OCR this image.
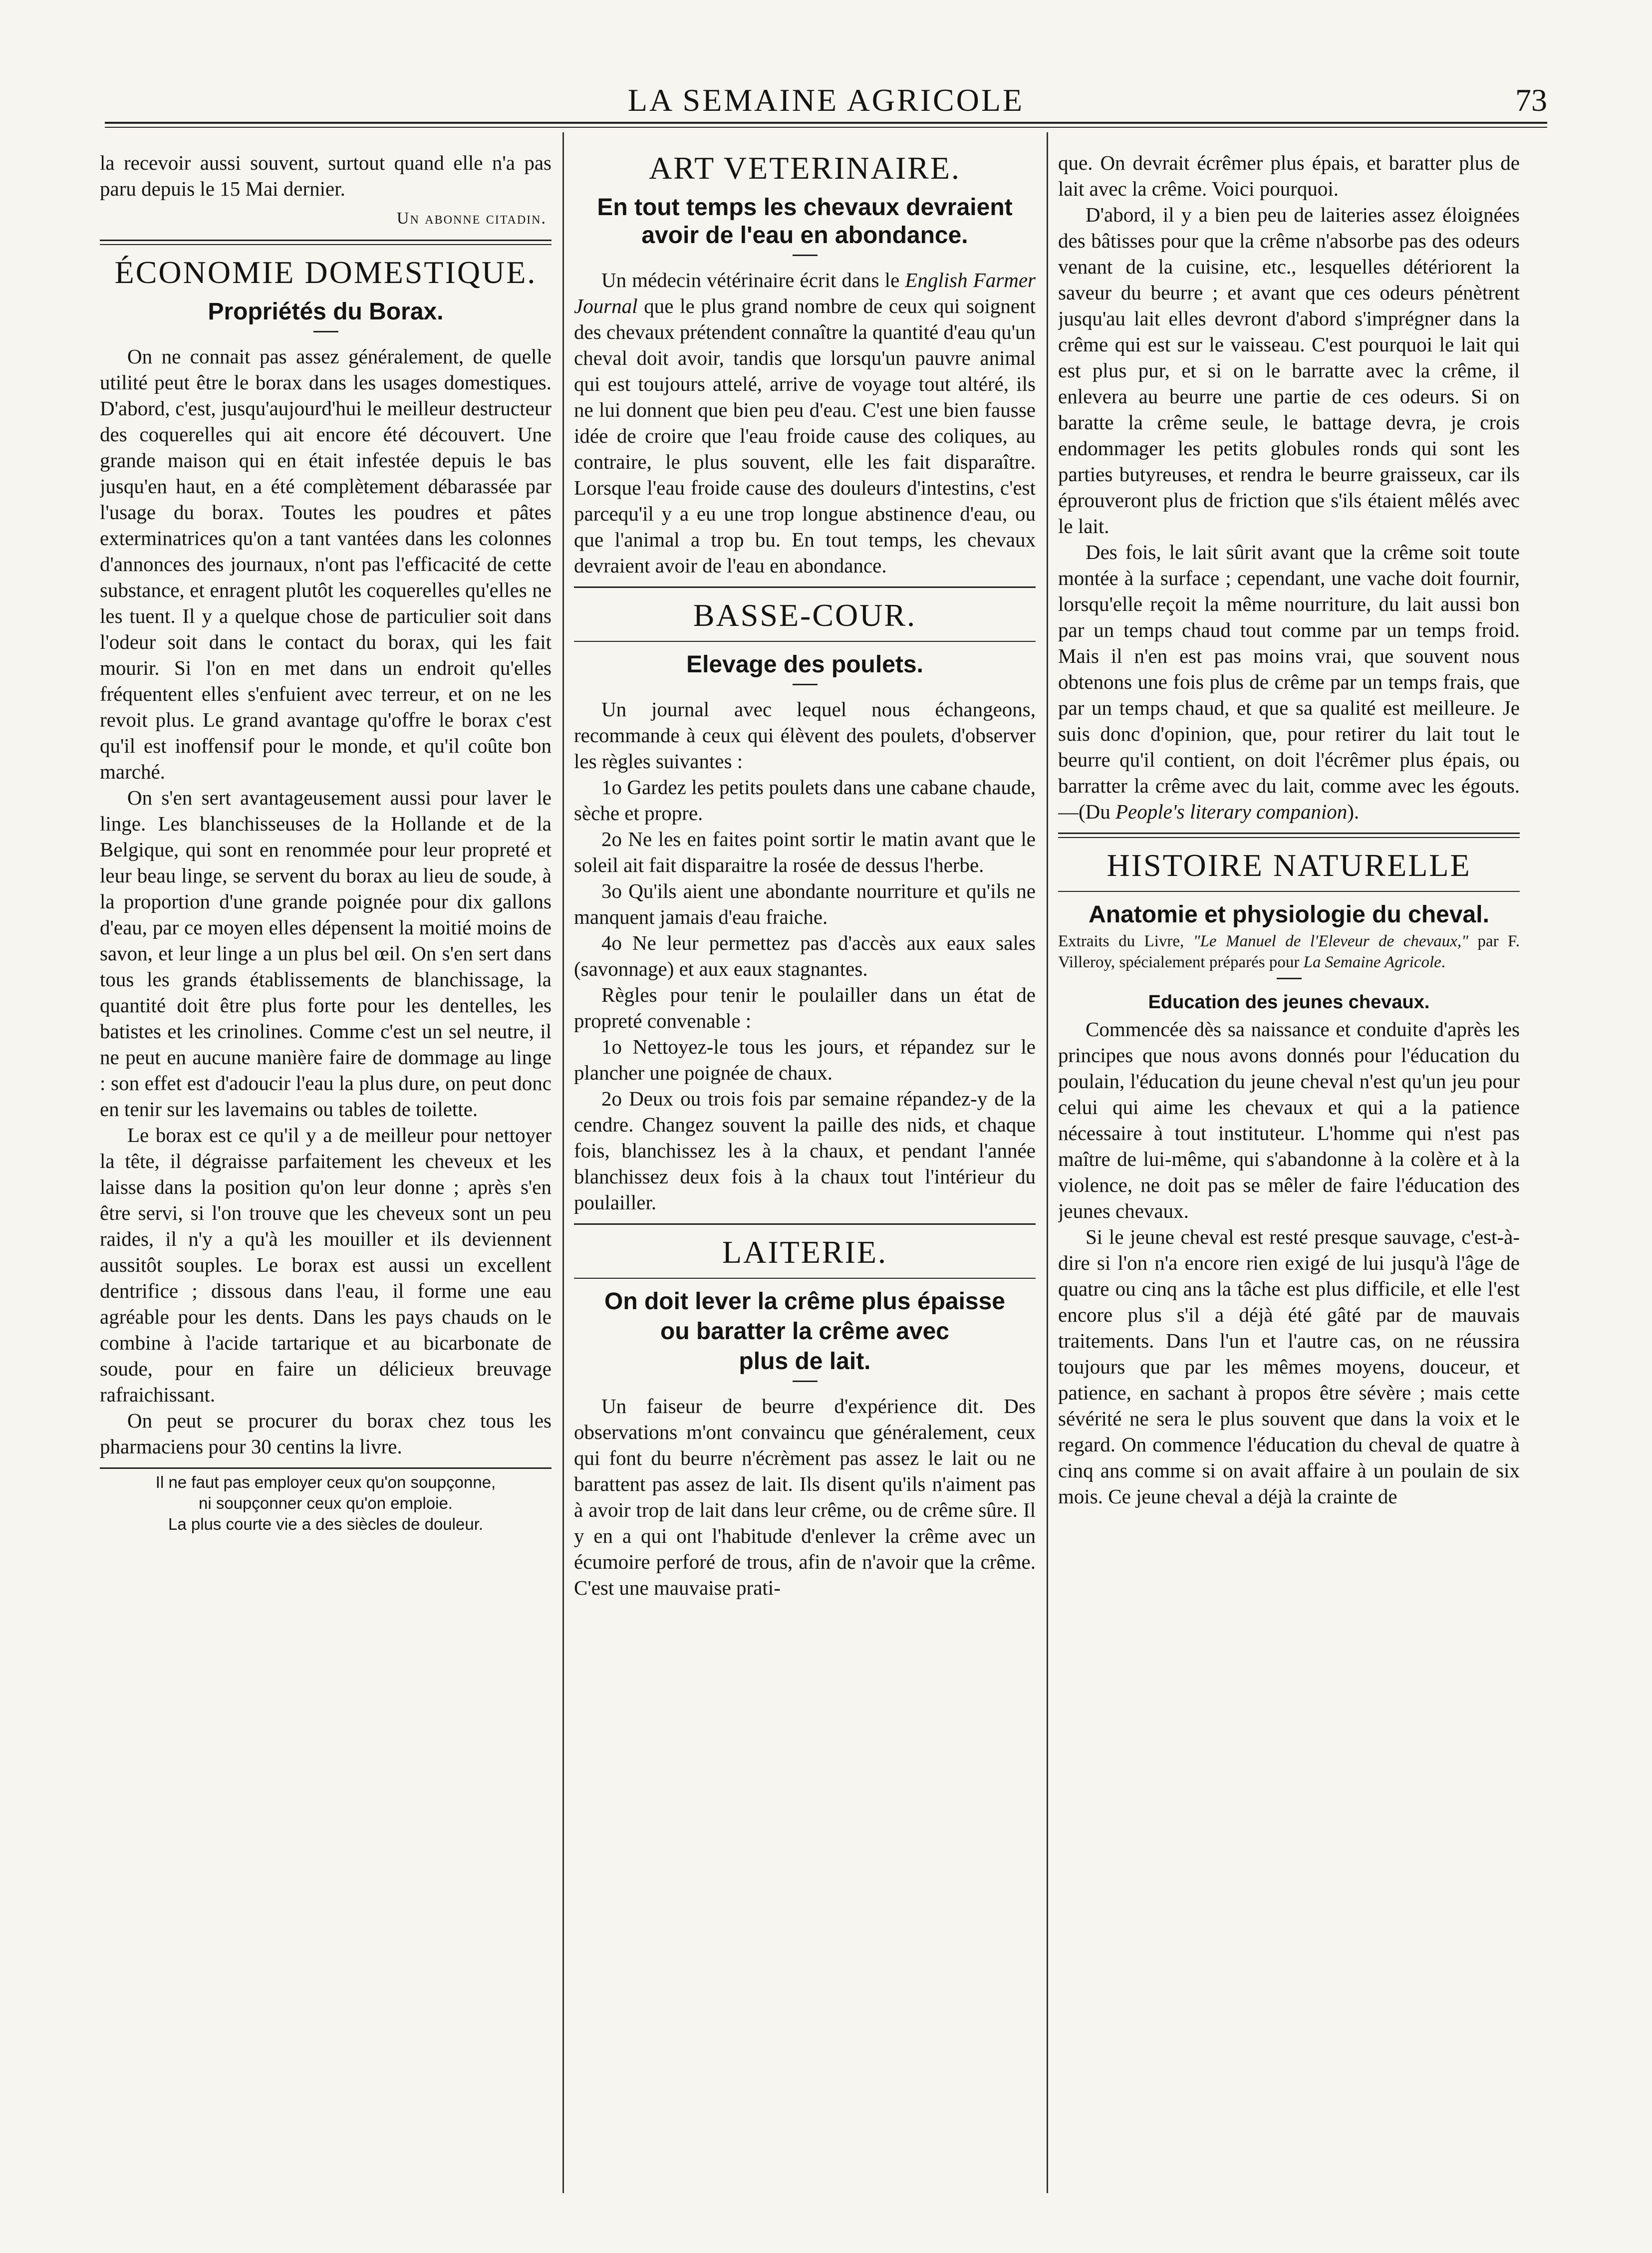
LA SEMAINE AGRICOLE	73

la recevoir aussi souvent, surtout quand elle n'a pas paru depuis le 15 Mai dernier.

Un abonne citadin.
ÉCONOMIE DOMESTIQUE.
Propriétés du Borax.

On ne connait pas assez généralement, de quelle utilité peut être le borax dans les usages domestiques. D'abord, c'est, jusqu'aujourd'hui le meilleur destructeur des coquerelles qui ait encore été découvert. Une grande maison qui en était infestée depuis le bas jusqu'en haut, en a été complètement débarassée par l'usage du borax. Toutes les poudres et pâtes exterminatrices qu'on a tant vantées dans les colonnes d'annonces des journaux, n'ont pas l'efficacité de cette substance, et enragent plutôt les coquerelles qu'elles ne les tuent. Il y a quelque chose de particulier soit dans l'odeur soit dans le contact du borax, qui les fait mourir. Si l'on en met dans un endroit qu'elles fréquentent elles s'enfuient avec terreur, et on ne les revoit plus. Le grand avantage qu'offre le borax c'est qu'il est inoffensif pour le monde, et qu'il coûte bon marché.

On s'en sert avantageusement aussi pour laver le linge. Les blanchisseuses de la Hollande et de la Belgique, qui sont en renommée pour leur propreté et leur beau linge, se servent du borax au lieu de soude, à la proportion d'une grande poignée pour dix gallons d'eau, par ce moyen elles dépensent la moitié moins de savon, et leur linge a un plus bel œil. On s'en sert dans tous les grands établissements de blanchissage, la quantité doit être plus forte pour les dentelles, les batistes et les crinolines. Comme c'est un sel neutre, il ne peut en aucune manière faire de dommage au linge : son effet est d'adoucir l'eau la plus dure, on peut donc en tenir sur les lavemains ou tables de toilette.

Le borax est ce qu'il y a de meilleur pour nettoyer la tête, il dégraisse parfaitement les cheveux et les laisse dans la position qu'on leur donne ; après s'en être servi, si l'on trouve que les cheveux sont un peu raides, il n'y a qu'à les mouiller et ils deviennent aussitôt souples. Le borax est aussi un excellent dentrifice ; dissous dans l'eau, il forme une eau agréable pour les dents. Dans les pays chauds on le combine à l'acide tartarique et au bicarbonate de soude, pour en faire un délicieux breuvage rafraichissant.

On peut se procurer du borax chez tous les pharmaciens pour 30 centins la livre.

Il ne faut pas employer ceux qu'on soupçonne,
ni soupçonner ceux qu'on emploie.
La plus courte vie a des siècles de douleur.
ART VETERINAIRE.
En tout temps les chevaux devraient avoir de l'eau en abondance.

Un médecin vétérinaire écrit dans le English Farmer Journal que le plus grand nombre de ceux qui soignent des chevaux prétendent connaître la quantité d'eau qu'un cheval doit avoir, tandis que lorsqu'un pauvre animal qui est toujours attelé, arrive de voyage tout altéré, ils ne lui donnent que bien peu d'eau. C'est une bien fausse idée de croire que l'eau froide cause des coliques, au contraire, le plus souvent, elle les fait disparaître. Lorsque l'eau froide cause des douleurs d'intestins, c'est parcequ'il y a eu une trop longue abstinence d'eau, ou que l'animal a trop bu. En tout temps, les chevaux devraient avoir de l'eau en abondance.

BASSE-COUR.
Elevage des poulets.

Un journal avec lequel nous échangeons, recommande à ceux qui élèvent des poulets, d'observer les règles suivantes :

1o Gardez les petits poulets dans une cabane chaude, sèche et propre.

2o Ne les en faites point sortir le matin avant que le soleil ait fait disparaitre la rosée de dessus l'herbe.

3o Qu'ils aient une abondante nourriture et qu'ils ne manquent jamais d'eau fraiche.

4o Ne leur permettez pas d'accès aux eaux sales (savonnage) et aux eaux stagnantes.

Règles pour tenir le poulailler dans un état de propreté convenable :

1o Nettoyez-le tous les jours, et répandez sur le plancher une poignée de chaux.

2o Deux ou trois fois par semaine répandez-y de la cendre. Changez souvent la paille des nids, et chaque fois, blanchissez les à la chaux, et pendant l'année blanchissez deux fois à la chaux tout l'intérieur du poulailler.

LAITERIE.
On doit lever la crême plus épaisse
ou baratter la crême avec
plus de lait.

Un faiseur de beurre d'expérience dit. Des observations m'ont convaincu que généralement, ceux qui font du beurre n'écrèment pas assez le lait ou ne barattent pas assez de lait. Ils disent qu'ils n'aiment pas à avoir trop de lait dans leur crême, ou de crême sûre. Il y en a qui ont l'habitude d'enlever la crême avec un écumoire perforé de trous, afin de n'avoir que la crême. C'est une mauvaise prati-

que. On devrait écrêmer plus épais, et baratter plus de lait avec la crême. Voici pourquoi.

D'abord, il y a bien peu de laiteries assez éloignées des bâtisses pour que la crême n'absorbe pas des odeurs venant de la cuisine, etc., lesquelles détériorent la saveur du beurre ; et avant que ces odeurs pénètrent jusqu'au lait elles devront d'abord s'imprégner dans la crême qui est sur le vaisseau. C'est pourquoi le lait qui est plus pur, et si on le barratte avec la crême, il enlevera au beurre une partie de ces odeurs. Si on baratte la crême seule, le battage devra, je crois endommager les petits globules ronds qui sont les parties butyreuses, et rendra le beurre graisseux, car ils éprouveront plus de friction que s'ils étaient mêlés avec le lait.

Des fois, le lait sûrit avant que la crême soit toute montée à la surface ; cependant, une vache doit fournir, lorsqu'elle reçoit la même nourriture, du lait aussi bon par un temps chaud tout comme par un temps froid. Mais il n'en est pas moins vrai, que souvent nous obtenons une fois plus de crême par un temps frais, que par un temps chaud, et que sa qualité est meilleure. Je suis donc d'opinion, que, pour retirer du lait tout le beurre qu'il contient, on doit l'écrêmer plus épais, ou barratter la crême avec du lait, comme avec les égouts. —(Du People's literary companion).

HISTOIRE NATURELLE
Anatomie et physiologie du cheval.
Extraits du Livre, "Le Manuel de l'Eleveur de chevaux," par F. Villeroy, spécialement préparés pour La Semaine Agricole.
Education des jeunes chevaux.

Commencée dès sa naissance et conduite d'après les principes que nous avons donnés pour l'éducation du poulain, l'éducation du jeune cheval n'est qu'un jeu pour celui qui aime les chevaux et qui a la patience nécessaire à tout instituteur. L'homme qui n'est pas maître de lui-même, qui s'abandonne à la colère et à la violence, ne doit pas se mêler de faire l'éducation des jeunes chevaux.

Si le jeune cheval est resté presque sauvage, c'est-à-dire si l'on n'a encore rien exigé de lui jusqu'à l'âge de quatre ou cinq ans la tâche est plus difficile, et elle l'est encore plus s'il a déjà été gâté par de mauvais traitements. Dans l'un et l'autre cas, on ne réussira toujours que par les mêmes moyens, douceur, et patience, en sachant à propos être sévère ; mais cette sévérité ne sera le plus souvent que dans la voix et le regard. On commence l'éducation du cheval de quatre à cinq ans comme si on avait affaire à un poulain de six mois. Ce jeune cheval a déjà la crainte de
